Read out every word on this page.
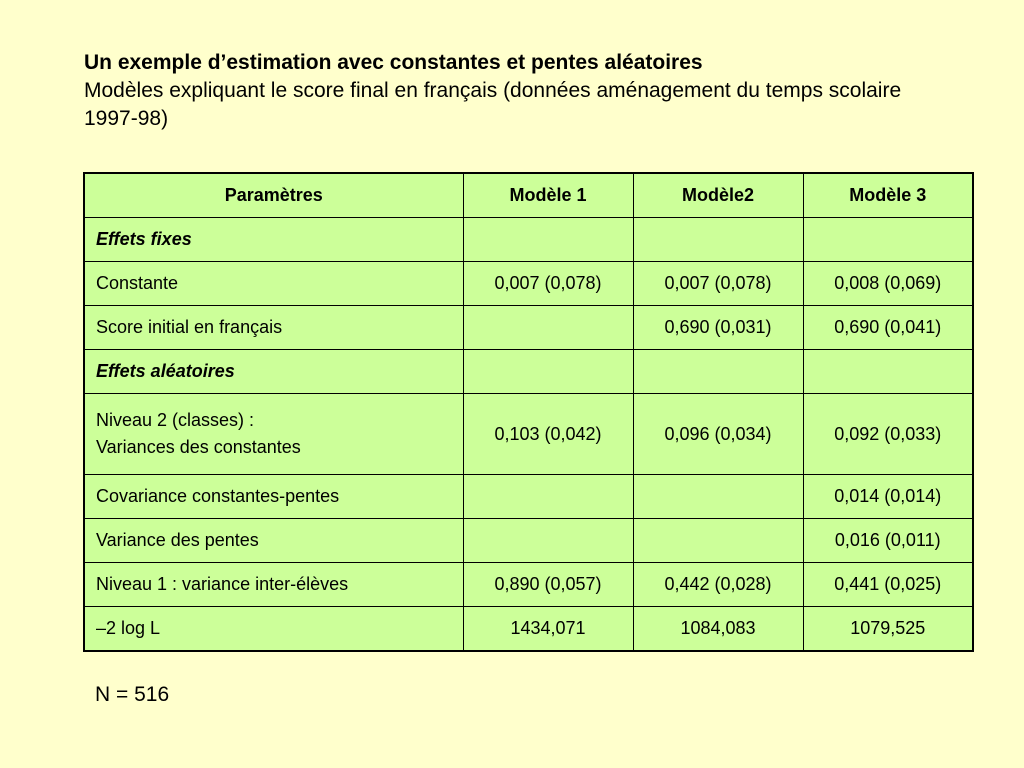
Un exemple d’estimation avec constantes et pentes aléatoires
Modèles expliquant le score final en français (données aménagement du temps scolaire 1997-98)
Paramètres	Modèle 1	Modèle2	Modèle 3
Effets fixes			
Constante	0,007 (0,078)	0,007 (0,078)	0,008 (0,069)
Score initial en français		0,690 (0,031)	0,690 (0,041)
Effets aléatoires			

Niveau 2 (classes) :
Variances des constantes	0,103 (0,042)	0,096 (0,034)	0,092 (0,033)
Covariance constantes-pentes			0,014 (0,014)
Variance des pentes			0,016 (0,011)
Niveau 1 : variance inter-élèves	0,890 (0,057)	0,442 (0,028)	0,441 (0,025)
–2 log L	1434,071	1084,083	1079,525
N = 516
